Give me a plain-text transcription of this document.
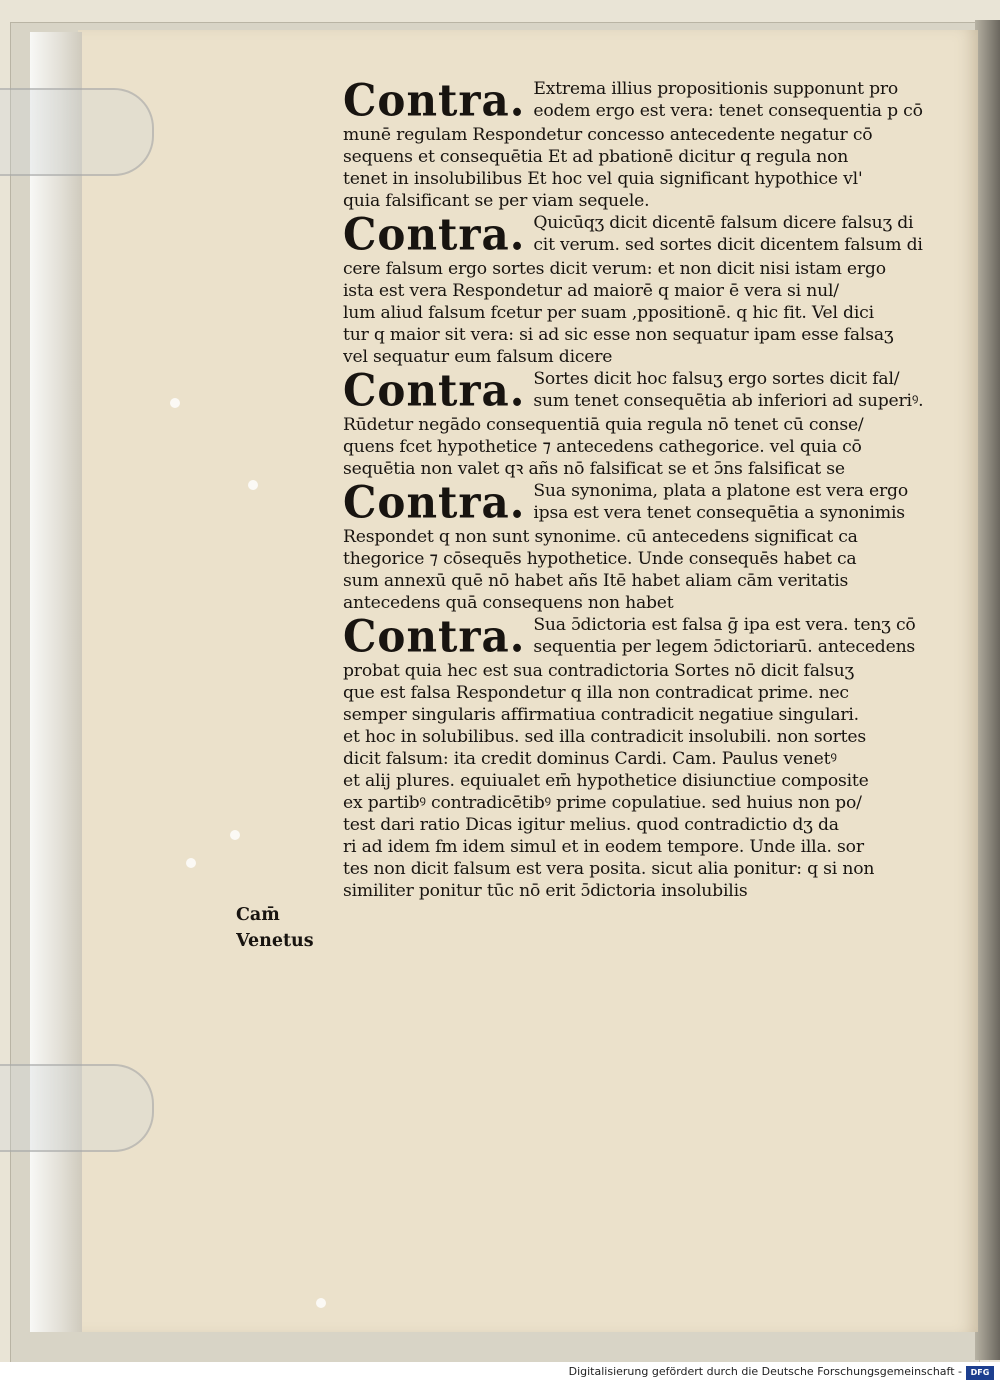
Contra. Extrema illius propositionis supponunt pro
eodem ergo est vera: tenet consequentia p cō
munē regulam Respondetur concesso antecedente negatur cō
sequens et consequētia Et ad pbationē dicitur q regula non
tenet in insolubilibus Et hoc vel quia significant hypothice vl'
quia falsificant se per viam sequele.
Contra. Quicūqʒ dicit dicentē falsum dicere falsuʒ di
cit verum. sed sortes dicit dicentem falsum di
cere falsum ergo sortes dicit verum: et non dicit nisi istam ergo
ista est vera Respondetur ad maiorē q maior ē vera si nul/
lum aliud falsum fcetur per suam ,ppositionē. q hic fit. Vel dici
tur q maior sit vera: si ad sic esse non sequatur ipam esse falsaʒ
vel sequatur eum falsum dicere
Contra. Sortes dicit hoc falsuʒ ergo sortes dicit fal/
sum tenet consequētia ab inferiori ad superiꝰ.
Rūdetur negādo consequentiā quia regula nō tenet cū conse/
quens fcet hypothetice ⁊ antecedens cathegorice. vel quia cō
sequētia non valet qꝛ añs nō falsificat se et ɔ̄ns falsificat se
Contra. Sua synonima, plata a platone est vera ergo
ipsa est vera tenet consequētia a synonimis
Respondet q non sunt synonime. cū antecedens significat ca
thegorice ⁊ cōsequēs hypothetice. Unde consequēs habet ca
sum annexū quē nō habet añs Itē habet aliam cām veritatis
antecedens quā consequens non habet
Contra. Sua ɔ̄dictoria est falsa ḡ ipa est vera. tenʒ cō
sequentia per legem ɔ̄dictoriarū. antecedens
probat quia hec est sua contradictoria Sortes nō dicit falsuʒ
que est falsa Respondetur q illa non contradicat prime. nec
semper singularis affirmatiua contradicit negatiue singulari.
et hoc in solubilibus. sed illa contradicit insolubili. non sortes
dicit falsum: ita credit dominus Cardi. Cam. Paulus venetꝰ
et alij plures. equiualet em̄ hypothetice disiunctiue composite
ex partibꝰ contradicētibꝰ prime copulatiue. sed huius non po/
test dari ratio Dicas igitur melius. quod contradictio dʒ da
ri ad idem fm idem simul et in eodem tempore. Unde illa. sor
tes non dicit falsum est vera posita. sicut alia ponitur: q si non
similiter ponitur tūc nō erit ɔ̄dictoria insolubilis
Cam̄
Venetus
Digitalisierung gefördert durch die Deutsche Forschungsgemeinschaft -	DFG
